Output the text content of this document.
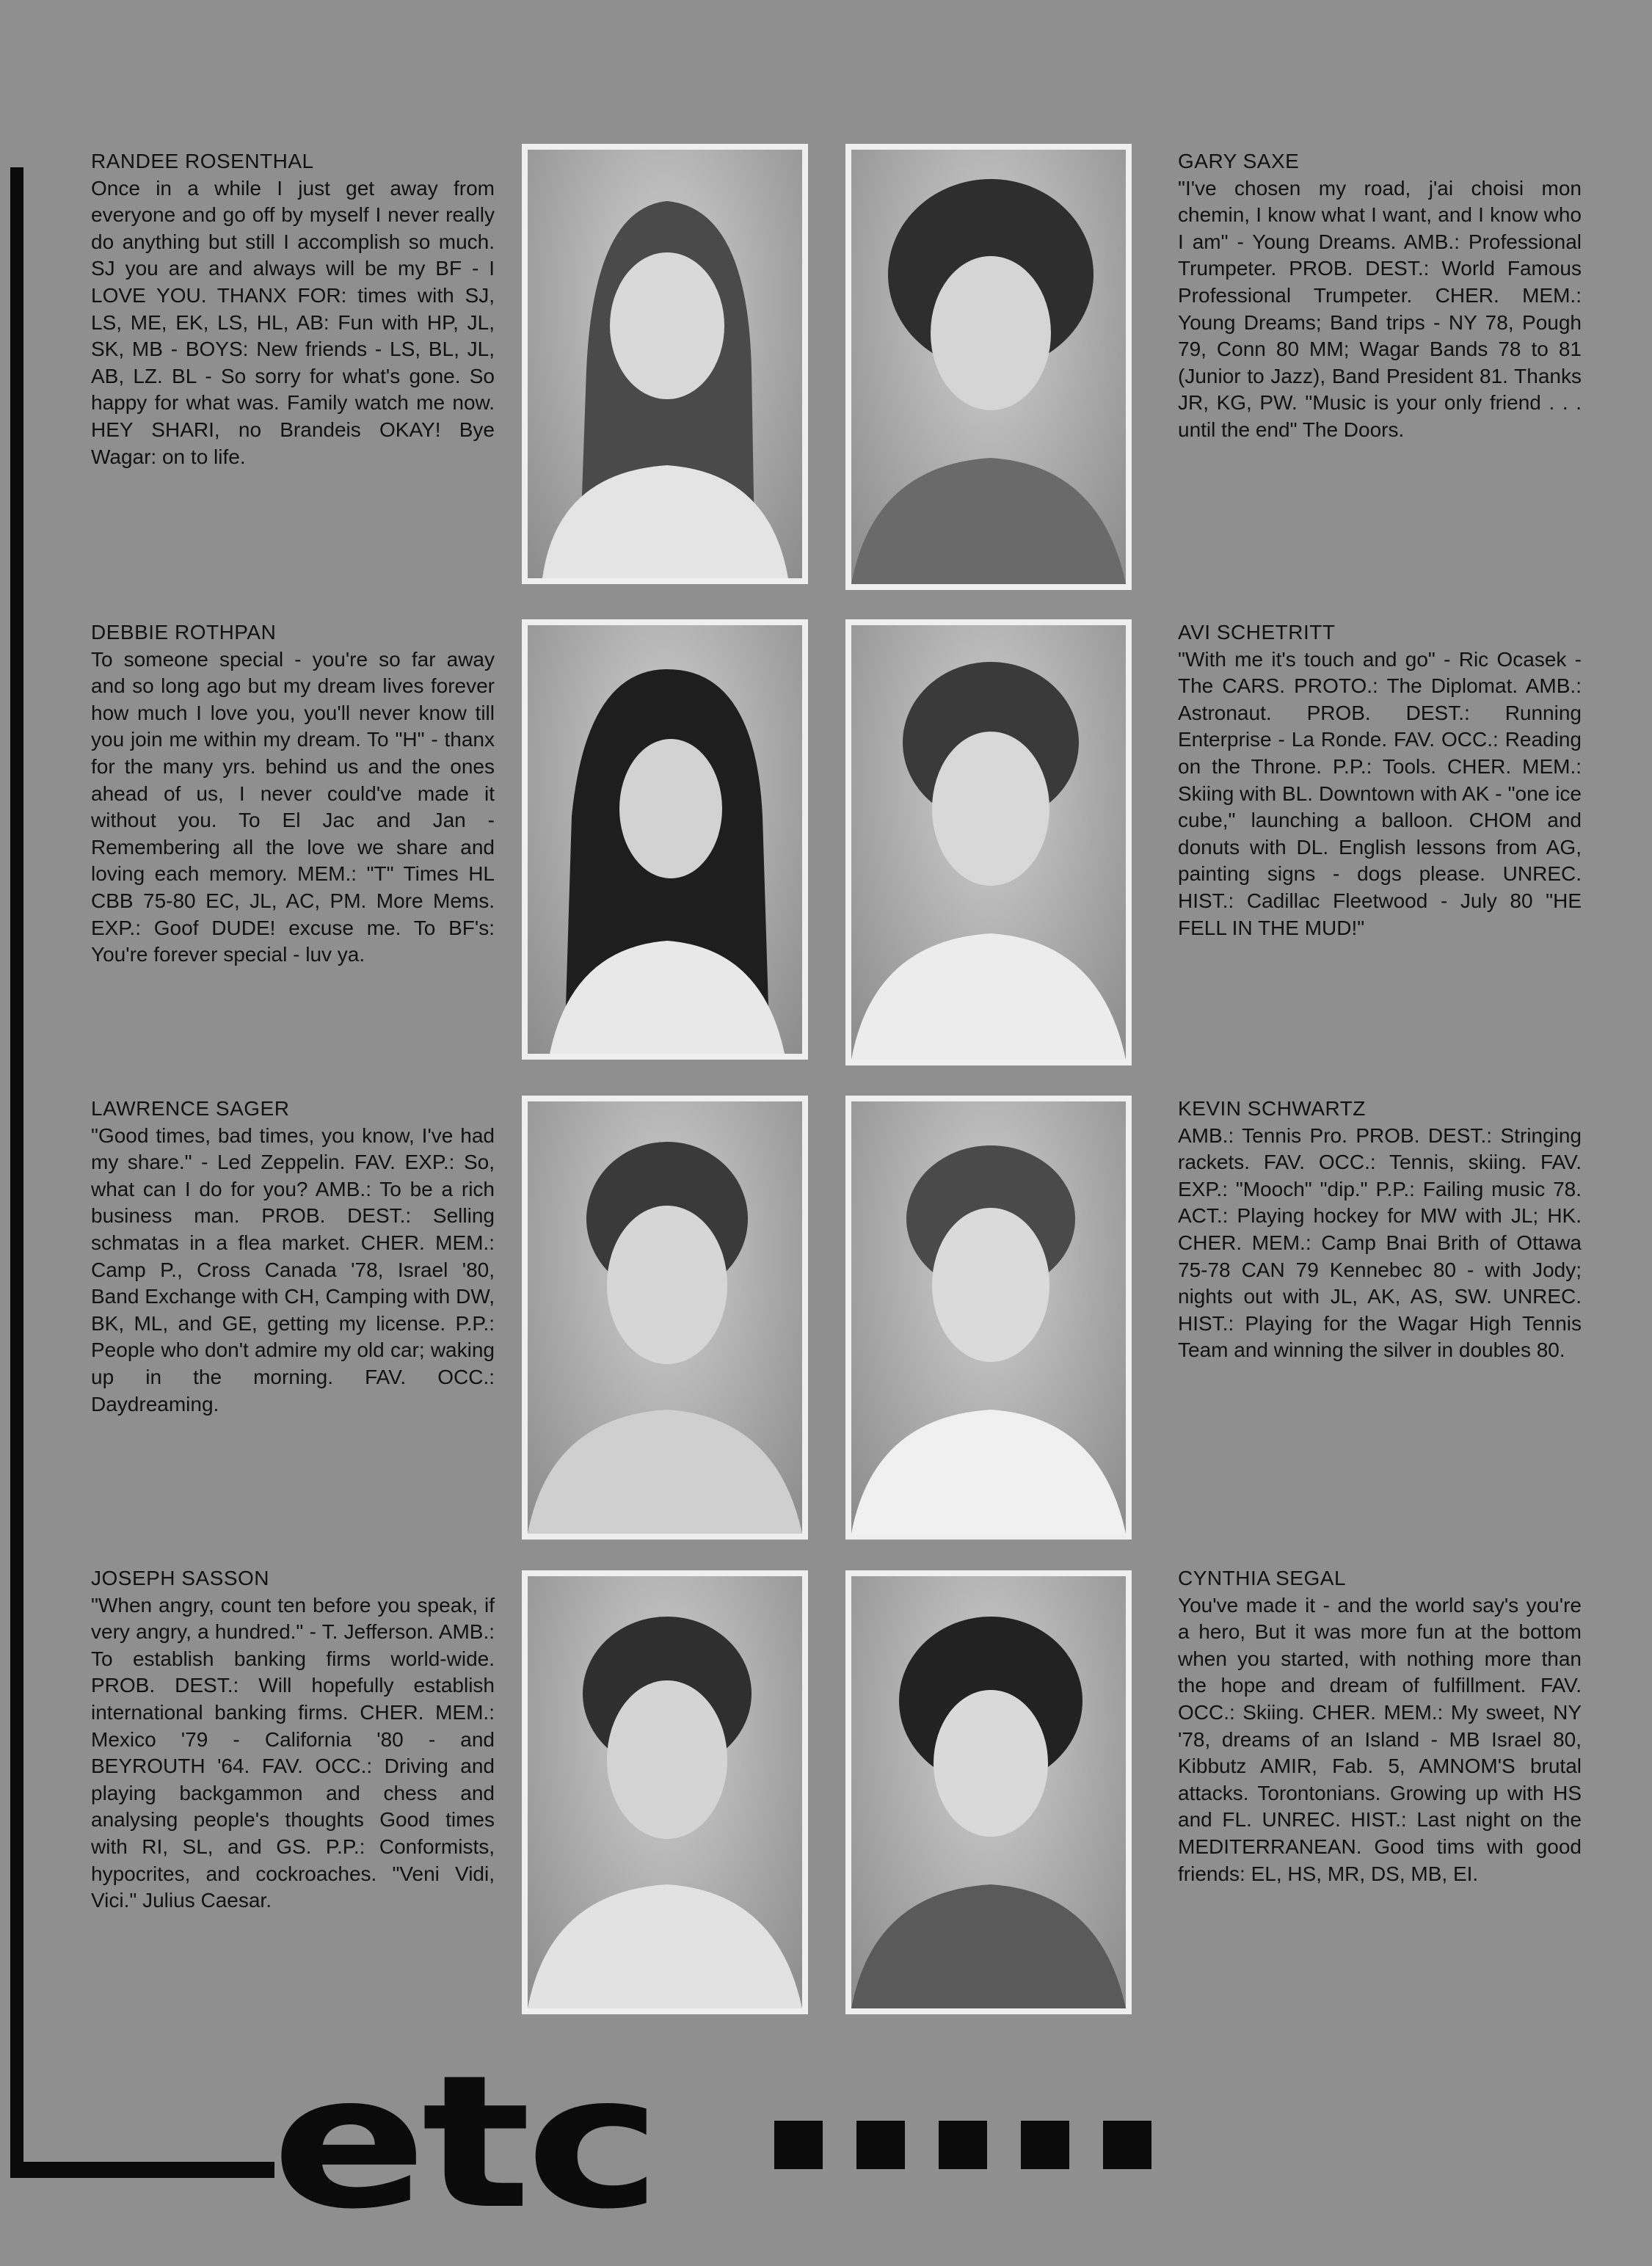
RANDEE ROSENTHAL
Once in a while I just get away from everyone and go off by myself I never really do anything but still I accomplish so much. SJ you are and always will be my BF - I LOVE YOU. THANX FOR: times with SJ, LS, ME, EK, LS, HL, AB: Fun with HP, JL, SK, MB - BOYS: New friends - LS, BL, JL, AB, LZ. BL - So sorry for what's gone. So happy for what was. Family watch me now. HEY SHARI, no Brandeis OKAY! Bye Wagar: on to life.
GARY SAXE
"I've chosen my road, j'ai choisi mon chemin, I know what I want, and I know who I am" - Young Dreams. AMB.: Professional Trumpeter. PROB. DEST.: World Famous Professional Trumpeter. CHER. MEM.: Young Dreams; Band trips - NY 78, Pough 79, Conn 80 MM; Wagar Bands 78 to 81 (Junior to Jazz), Band President 81. Thanks JR, KG, PW. "Music is your only friend . . . until the end" The Doors.
DEBBIE ROTHPAN
To someone special - you're so far away and so long ago but my dream lives forever how much I love you, you'll never know till you join me within my dream. To "H" - thanx for the many yrs. behind us and the ones ahead of us, I never could've made it without you. To El Jac and Jan - Remembering all the love we share and loving each memory. MEM.: "T" Times HL CBB 75-80 EC, JL, AC, PM. More Mems. EXP.: Goof DUDE! excuse me. To BF's: You're forever special - luv ya.
AVI SCHETRITT
"With me it's touch and go" - Ric Ocasek - The CARS. PROTO.: The Diplomat. AMB.: Astronaut. PROB. DEST.: Running Enterprise - La Ronde. FAV. OCC.: Reading on the Throne. P.P.: Tools. CHER. MEM.: Skiing with BL. Downtown with AK - "one ice cube," launching a balloon. CHOM and donuts with DL. English lessons from AG, painting signs - dogs please. UNREC. HIST.: Cadillac Fleetwood - July 80 "HE FELL IN THE MUD!"
LAWRENCE SAGER
"Good times, bad times, you know, I've had my share." - Led Zeppelin. FAV. EXP.: So, what can I do for you? AMB.: To be a rich business man. PROB. DEST.: Selling schmatas in a flea market. CHER. MEM.: Camp P., Cross Canada '78, Israel '80, Band Exchange with CH, Camping with DW, BK, ML, and GE, getting my license. P.P.: People who don't admire my old car; waking up in the morning. FAV. OCC.: Daydreaming.
KEVIN SCHWARTZ
AMB.: Tennis Pro. PROB. DEST.: Stringing rackets. FAV. OCC.: Tennis, skiing. FAV. EXP.: "Mooch" "dip." P.P.: Failing music 78. ACT.: Playing hockey for MW with JL; HK. CHER. MEM.: Camp Bnai Brith of Ottawa 75-78 CAN 79 Kennebec 80 - with Jody; nights out with JL, AK, AS, SW. UNREC. HIST.: Playing for the Wagar High Tennis Team and winning the silver in doubles 80.
JOSEPH SASSON
"When angry, count ten before you speak, if very angry, a hundred." - T. Jefferson. AMB.: To establish banking firms world-wide. PROB. DEST.: Will hopefully establish international banking firms. CHER. MEM.: Mexico '79 - California '80 - and BEYROUTH '64. FAV. OCC.: Driving and playing backgammon and chess and analysing people's thoughts Good times with RI, SL, and GS. P.P.: Conformists, hypocrites, and cockroaches. "Veni Vidi, Vici." Julius Caesar.
CYNTHIA SEGAL
You've made it - and the world say's you're a hero, But it was more fun at the bottom when you started, with nothing more than the hope and dream of fulfillment. FAV. OCC.: Skiing. CHER. MEM.: My sweet, NY '78, dreams of an Island - MB Israel 80, Kibbutz AMIR, Fab. 5, AMNOM'S brutal attacks. Torontonians. Growing up with HS and FL. UNREC. HIST.: Last night on the MEDITERRANEAN. Good tims with good friends: EL, HS, MR, DS, MB, EI.
etc
